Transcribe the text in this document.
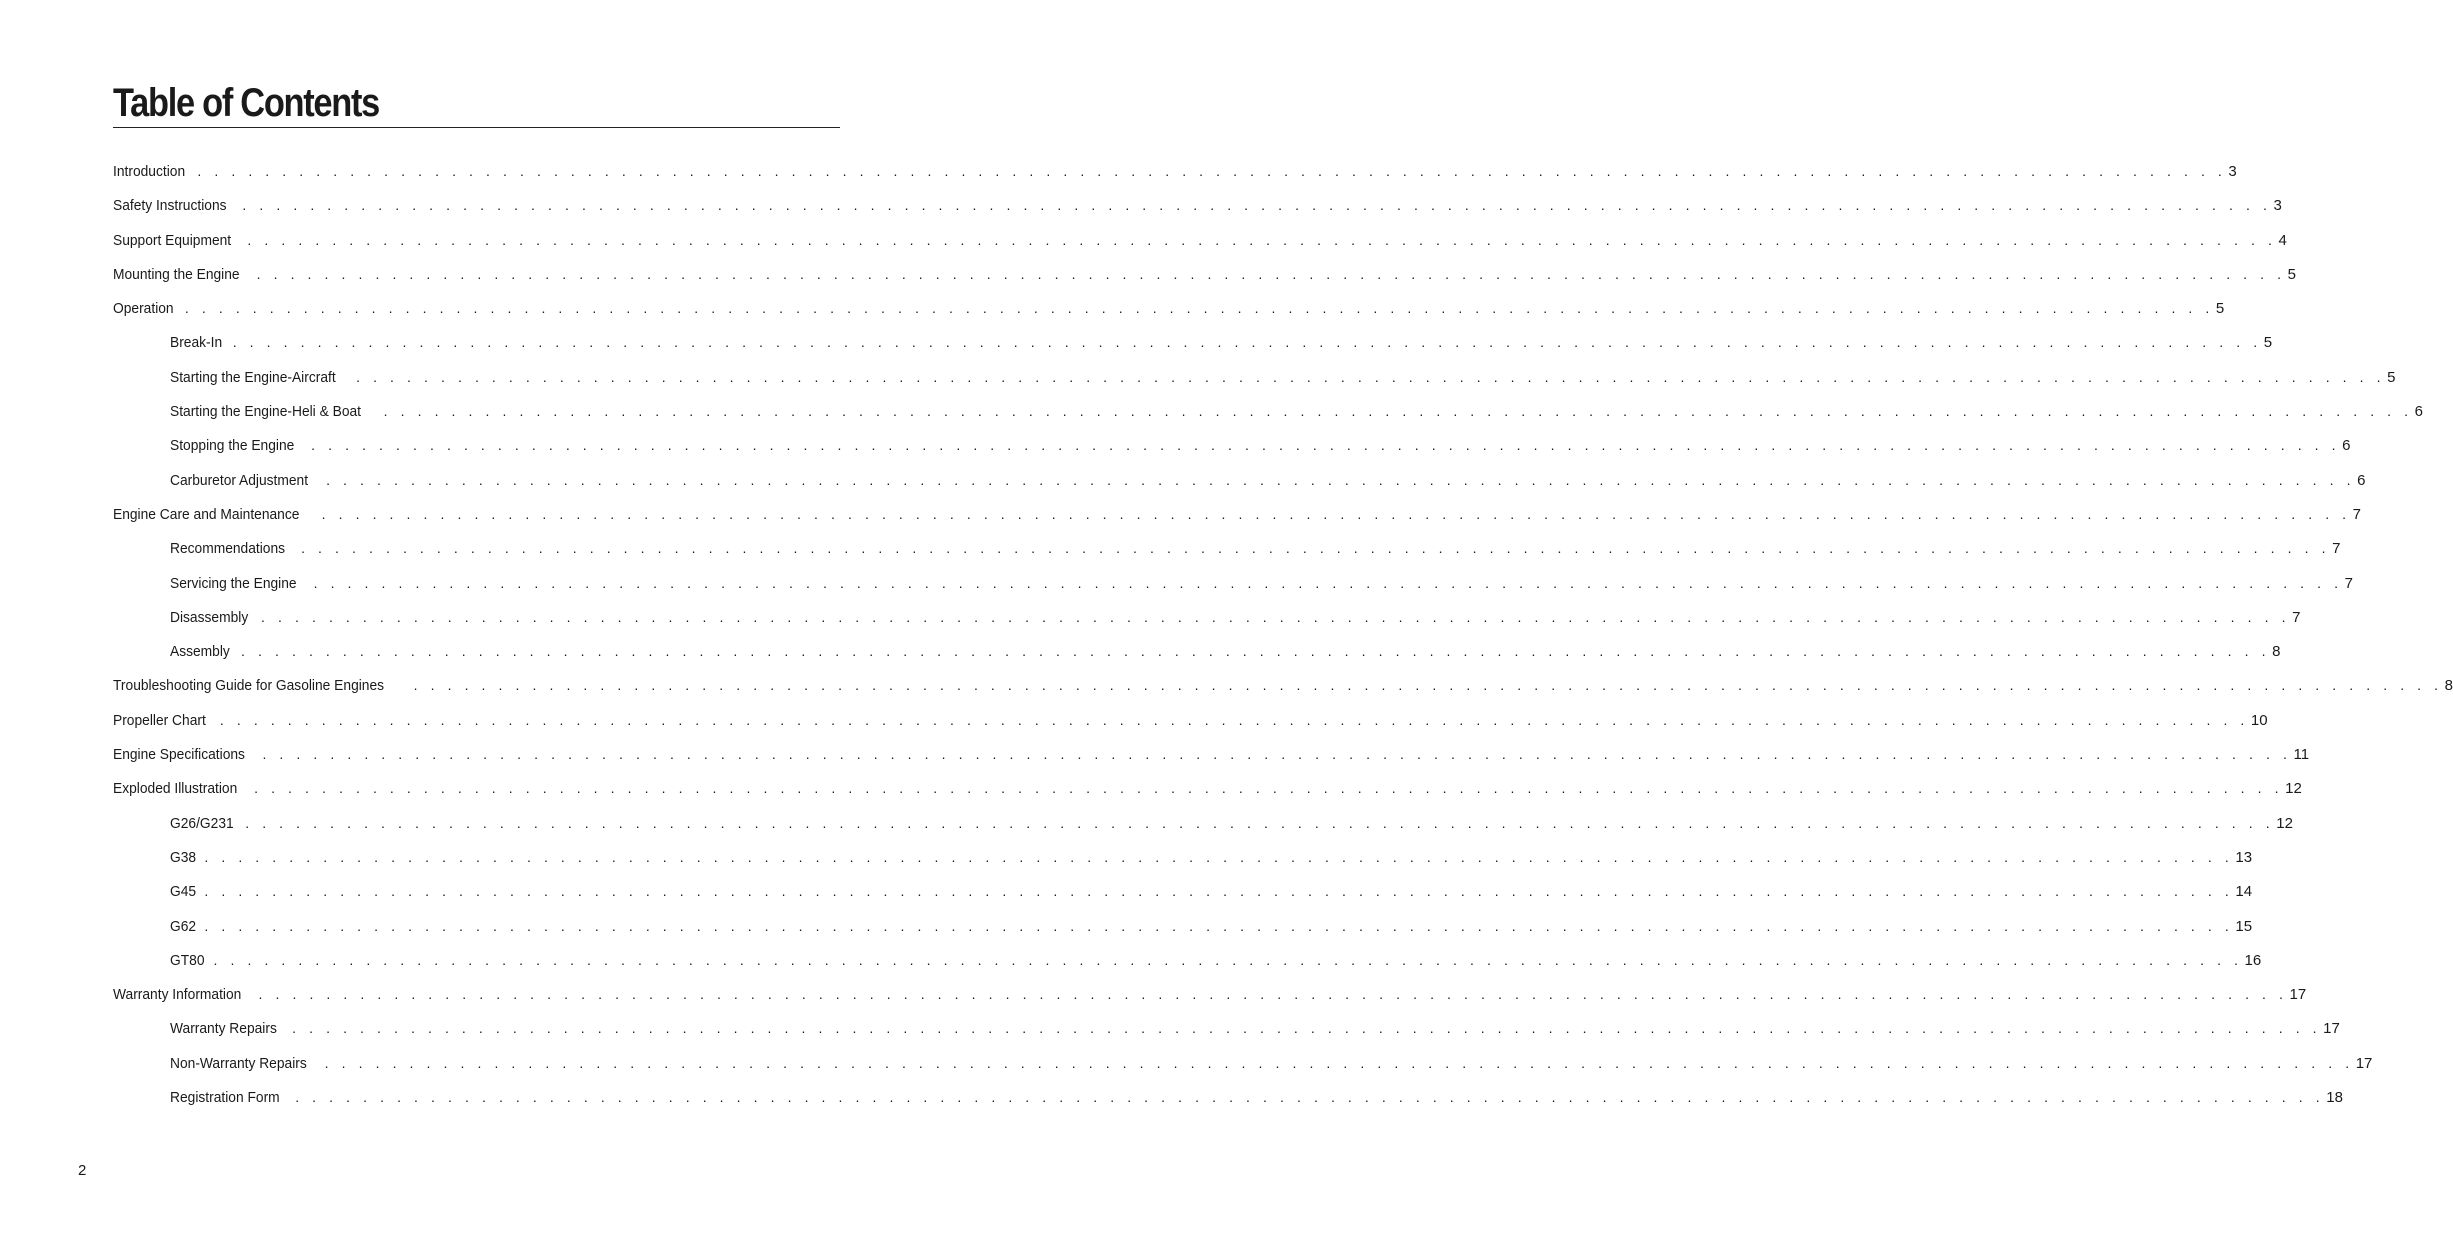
Table of Contents
Introduction . . . . . . . . . . . . . . . . . . . . . . . . . . . . . . . . . . . . . . . . . . . . . . . . . . . . . . . . . . . . . . . . . . . . . . . . . . . . . . . . . . . . . . . . . . . . . . . . . . . . . . . . . . . . . . . . . . . . . . . . 3
Safety Instructions	. . . . . . . . . . . . . . . . . . . . . . . . . . . . . . . . . . . . . . . . . . . . . . . . . . . . . . . . . . . . . . . . . . . . . . . . . . . . . . . . . . . . . . . . . . . . . . . . . . . . . . . . . . . . . . . . . . . . . . . . 3
Support Equipment	. . . . . . . . . . . . . . . . . . . . . . . . . . . . . . . . . . . . . . . . . . . . . . . . . . . . . . . . . . . . . . . . . . . . . . . . . . . . . . . . . . . . . . . . . . . . . . . . . . . . . . . . . . . . . . . . . . . . . . . . 4
Mounting the Engine	. . . . . . . . . . . . . . . . . . . . . . . . . . . . . . . . . . . . . . . . . . . . . . . . . . . . . . . . . . . . . . . . . . . . . . . . . . . . . . . . . . . . . . . . . . . . . . . . . . . . . . . . . . . . . . . . . . . . . . . . 5
Operation . . . . . . . . . . . . . . . . . . . . . . . . . . . . . . . . . . . . . . . . . . . . . . . . . . . . . . . . . . . . . . . . . . . . . . . . . . . . . . . . . . . . . . . . . . . . . . . . . . . . . . . . . . . . . . . . . . . . . . . . 5
Break-In . . . . . . . . . . . . . . . . . . . . . . . . . . . . . . . . . . . . . . . . . . . . . . . . . . . . . . . . . . . . . . . . . . . . . . . . . . . . . . . . . . . . . . . . . . . . . . . . . . . . . . . . . . . . . . . . . . . . . . . . 5
Starting the Engine-Aircraft	. . . . . . . . . . . . . . . . . . . . . . . . . . . . . . . . . . . . . . . . . . . . . . . . . . . . . . . . . . . . . . . . . . . . . . . . . . . . . . . . . . . . . . . . . . . . . . . . . . . . . . . . . . . . . . . . . . . . . . . . 5
Starting the Engine-Heli & Boat	. . . . . . . . . . . . . . . . . . . . . . . . . . . . . . . . . . . . . . . . . . . . . . . . . . . . . . . . . . . . . . . . . . . . . . . . . . . . . . . . . . . . . . . . . . . . . . . . . . . . . . . . . . . . . . . . . . . . . . . . 6
Stopping the Engine	. . . . . . . . . . . . . . . . . . . . . . . . . . . . . . . . . . . . . . . . . . . . . . . . . . . . . . . . . . . . . . . . . . . . . . . . . . . . . . . . . . . . . . . . . . . . . . . . . . . . . . . . . . . . . . . . . . . . . . . . 6
Carburetor Adjustment	. . . . . . . . . . . . . . . . . . . . . . . . . . . . . . . . . . . . . . . . . . . . . . . . . . . . . . . . . . . . . . . . . . . . . . . . . . . . . . . . . . . . . . . . . . . . . . . . . . . . . . . . . . . . . . . . . . . . . . . . 6
Engine Care and Maintenance	. . . . . . . . . . . . . . . . . . . . . . . . . . . . . . . . . . . . . . . . . . . . . . . . . . . . . . . . . . . . . . . . . . . . . . . . . . . . . . . . . . . . . . . . . . . . . . . . . . . . . . . . . . . . . . . . . . . . . . . . 7
Recommendations	. . . . . . . . . . . . . . . . . . . . . . . . . . . . . . . . . . . . . . . . . . . . . . . . . . . . . . . . . . . . . . . . . . . . . . . . . . . . . . . . . . . . . . . . . . . . . . . . . . . . . . . . . . . . . . . . . . . . . . . . 7
Servicing the Engine	. . . . . . . . . . . . . . . . . . . . . . . . . . . . . . . . . . . . . . . . . . . . . . . . . . . . . . . . . . . . . . . . . . . . . . . . . . . . . . . . . . . . . . . . . . . . . . . . . . . . . . . . . . . . . . . . . . . . . . . . 7
Disassembly . . . . . . . . . . . . . . . . . . . . . . . . . . . . . . . . . . . . . . . . . . . . . . . . . . . . . . . . . . . . . . . . . . . . . . . . . . . . . . . . . . . . . . . . . . . . . . . . . . . . . . . . . . . . . . . . . . . . . . . . 7
Assembly . . . . . . . . . . . . . . . . . . . . . . . . . . . . . . . . . . . . . . . . . . . . . . . . . . . . . . . . . . . . . . . . . . . . . . . . . . . . . . . . . . . . . . . . . . . . . . . . . . . . . . . . . . . . . . . . . . . . . . . . 8
Troubleshooting Guide for Gasoline Engines	. . . . . . . . . . . . . . . . . . . . . . . . . . . . . . . . . . . . . . . . . . . . . . . . . . . . . . . . . . . . . . . . . . . . . . . . . . . . . . . . . . . . . . . . . . . . . . . . . . . . . . . . . . . . . . . . . . . . . . . . 8
Propeller Chart	. . . . . . . . . . . . . . . . . . . . . . . . . . . . . . . . . . . . . . . . . . . . . . . . . . . . . . . . . . . . . . . . . . . . . . . . . . . . . . . . . . . . . . . . . . . . . . . . . . . . . . . . . . . . . . . . . . . . . . . . 10
Engine Specifications	. . . . . . . . . . . . . . . . . . . . . . . . . . . . . . . . . . . . . . . . . . . . . . . . . . . . . . . . . . . . . . . . . . . . . . . . . . . . . . . . . . . . . . . . . . . . . . . . . . . . . . . . . . . . . . . . . . . . . . . . 11
Exploded Illustration	. . . . . . . . . . . . . . . . . . . . . . . . . . . . . . . . . . . . . . . . . . . . . . . . . . . . . . . . . . . . . . . . . . . . . . . . . . . . . . . . . . . . . . . . . . . . . . . . . . . . . . . . . . . . . . . . . . . . . . . . 12
G26/G231 . . . . . . . . . . . . . . . . . . . . . . . . . . . . . . . . . . . . . . . . . . . . . . . . . . . . . . . . . . . . . . . . . . . . . . . . . . . . . . . . . . . . . . . . . . . . . . . . . . . . . . . . . . . . . . . . . . . . . . . . 12
G38 . . . . . . . . . . . . . . . . . . . . . . . . . . . . . . . . . . . . . . . . . . . . . . . . . . . . . . . . . . . . . . . . . . . . . . . . . . . . . . . . . . . . . . . . . . . . . . . . . . . . . . . . . . . . . . . . . . . . . . . . 13
G45 . . . . . . . . . . . . . . . . . . . . . . . . . . . . . . . . . . . . . . . . . . . . . . . . . . . . . . . . . . . . . . . . . . . . . . . . . . . . . . . . . . . . . . . . . . . . . . . . . . . . . . . . . . . . . . . . . . . . . . . . 14
G62 . . . . . . . . . . . . . . . . . . . . . . . . . . . . . . . . . . . . . . . . . . . . . . . . . . . . . . . . . . . . . . . . . . . . . . . . . . . . . . . . . . . . . . . . . . . . . . . . . . . . . . . . . . . . . . . . . . . . . . . . 15
GT80 . . . . . . . . . . . . . . . . . . . . . . . . . . . . . . . . . . . . . . . . . . . . . . . . . . . . . . . . . . . . . . . . . . . . . . . . . . . . . . . . . . . . . . . . . . . . . . . . . . . . . . . . . . . . . . . . . . . . . . . . 16
Warranty Information	. . . . . . . . . . . . . . . . . . . . . . . . . . . . . . . . . . . . . . . . . . . . . . . . . . . . . . . . . . . . . . . . . . . . . . . . . . . . . . . . . . . . . . . . . . . . . . . . . . . . . . . . . . . . . . . . . . . . . . . . 17
Warranty Repairs	. . . . . . . . . . . . . . . . . . . . . . . . . . . . . . . . . . . . . . . . . . . . . . . . . . . . . . . . . . . . . . . . . . . . . . . . . . . . . . . . . . . . . . . . . . . . . . . . . . . . . . . . . . . . . . . . . . . . . . . . 17
Non-Warranty Repairs	. . . . . . . . . . . . . . . . . . . . . . . . . . . . . . . . . . . . . . . . . . . . . . . . . . . . . . . . . . . . . . . . . . . . . . . . . . . . . . . . . . . . . . . . . . . . . . . . . . . . . . . . . . . . . . . . . . . . . . . . 17
Registration Form	. . . . . . . . . . . . . . . . . . . . . . . . . . . . . . . . . . . . . . . . . . . . . . . . . . . . . . . . . . . . . . . . . . . . . . . . . . . . . . . . . . . . . . . . . . . . . . . . . . . . . . . . . . . . . . . . . . . . . . . . 18
2
